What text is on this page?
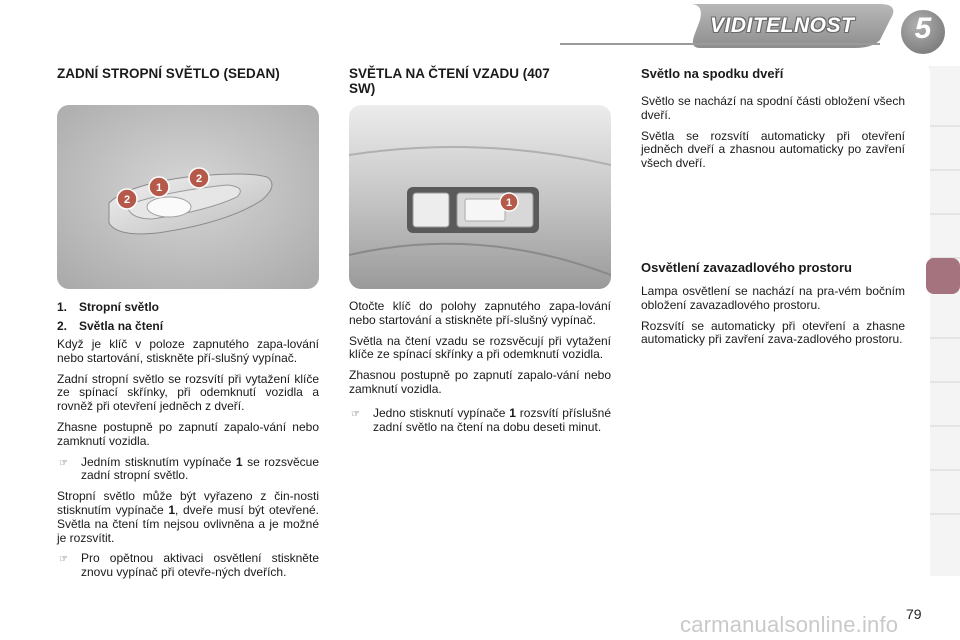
VIDITELNOST	5
ZADNÍ STROPNÍ SVĚTLO (SEDAN)
2
1
2
1. Stropní světlo
2. Světla na čtení

Když je klíč v poloze zapnutého zapa-lování nebo startování, stiskněte pří-slušný vypínač.

Zadní stropní světlo se rozsvítí při vytažení klíče ze spínací skřínky, při odemknutí vozidla a rovněž při otevření jedněch z dveří.

Zhasne postupně po zapnutí zapalo-vání nebo zamknutí vozidla.

☞	Jedním stisknutím vypínače 1 se rozsvěcue zadní stropní světlo.

Stropní světlo může být vyřazeno z čin-nosti stisknutím vypínače 1, dveře musí být otevřené. Světla na čtení tím nejsou ovlivněna a je možné je rozsvítit.

☞	Pro opětnou aktivaci osvětlení stiskněte znovu vypínač při otevře-ných dveřích.
SVĚTLA NA ČTENÍ VZADU (407 SW)
1

Otočte klíč do polohy zapnutého zapa-lování nebo startování a stiskněte pří-slušný vypínač.

Světla na čtení vzadu se rozsvěcují při vytažení klíče ze spínací skřínky a při odemknutí vozidla.

Zhasnou postupně po zapnutí zapalo-vání nebo zamknutí vozidla.

☞	Jedno stisknutí vypínače 1 rozsvítí příslušné zadní světlo na čtení na dobu deseti minut.
Světlo na spodku dveří

Světlo se nachází na spodní části obložení všech dveří.

Světla se rozsvítí automaticky při otevření jedněch dveří a zhasnou automaticky po zavření všech dveří.

Osvětlení zavazadlového prostoru

Lampa osvětlení se nachází na pra-vém bočním obložení zavazadlového prostoru.

Rozsvítí se automaticky při otevření a zhasne automaticky při zavření zava-zadlového prostoru.

carmanualsonline.info 79
